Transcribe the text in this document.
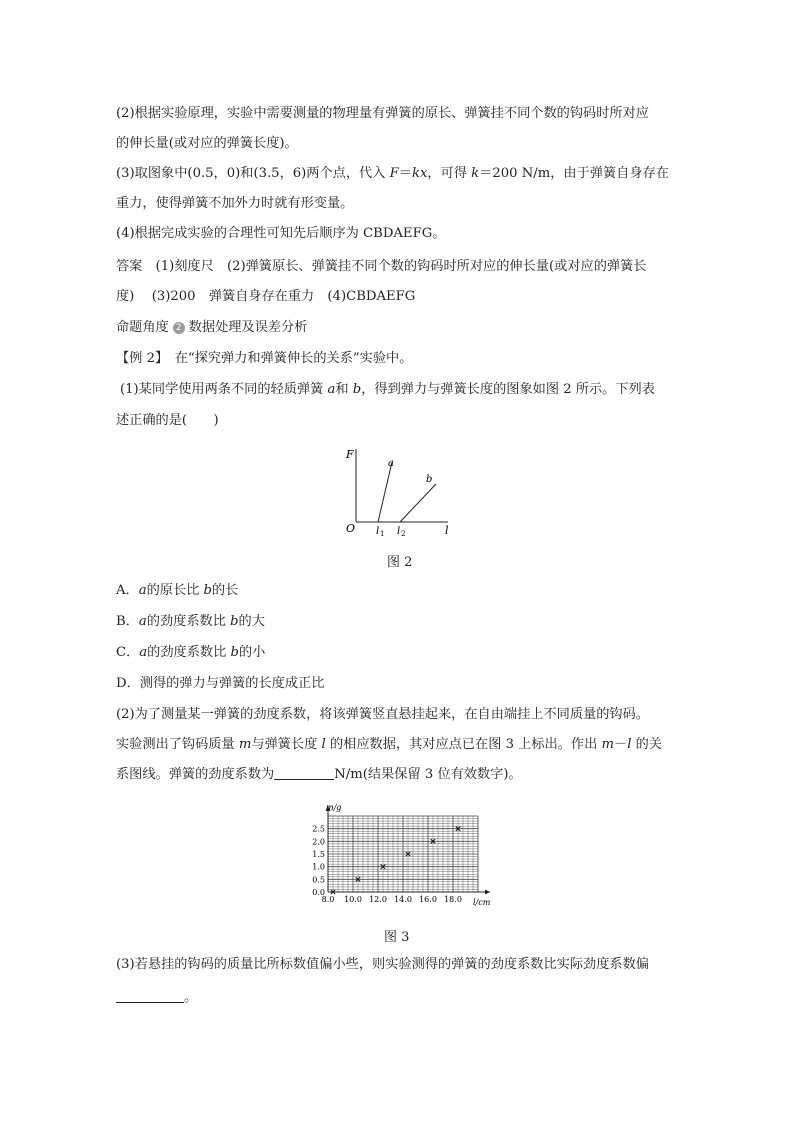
(2)根据实验原理，实验中需要测量的物理量有弹簧的原长、弹簧挂不同个数的钩码时所对应
的伸长量(或对应的弹簧长度)。
(3)取图象中(0.5，0)和(3.5，6)两个点，代入 F＝kx，可得 k＝200 N/m，由于弹簧自身存在
重力，使得弹簧不加外力时就有形变量。
(4)根据完成实验的合理性可知先后顺序为 CBDAEFG。
答案　(1)刻度尺　(2)弹簧原长、弹簧挂不同个数的钩码时所对应的伸长量(或对应的弹簧长
度)　 (3)200　弹簧自身存在重力　(4)CBDAEFG
命题角度 2 数据处理及误差分析
【例 2】　在“探究弹力和弹簧伸长的关系”实验中。
(1)某同学使用两条不同的轻质弹簧 a和 b，得到弹力与弹簧长度的图象如图 2 所示。下列表
述正确的是(　　)
F
O	l
a
b
l 1 l 2
图 2
A．a的原长比 b的长
B．a的劲度系数比 b的大
C．a的劲度系数比 b的小
D．测得的弹力与弹簧的长度成正比
(2)为了测量某一弹簧的劲度系数，将该弹簧竖直悬挂起来，在自由端挂上不同质量的钩码。
实验测出了钩码质量 m与弹簧长度 l 的相应数据，其对应点已在图 3 上标出。作出 m－l 的关
系图线。弹簧的劲度系数为	N/m(结果保留 3 位有效数字)。
8.0 10.0 12.0 14.0 16.0 18.0
0.0
0.5
1.0
1.5
2.0
2.5
m/g
l/cm
图 3
(3)若悬挂的钩码的质量比所标数值偏小些，则实验测得的弹簧的劲度系数比实际劲度系数偏
。
